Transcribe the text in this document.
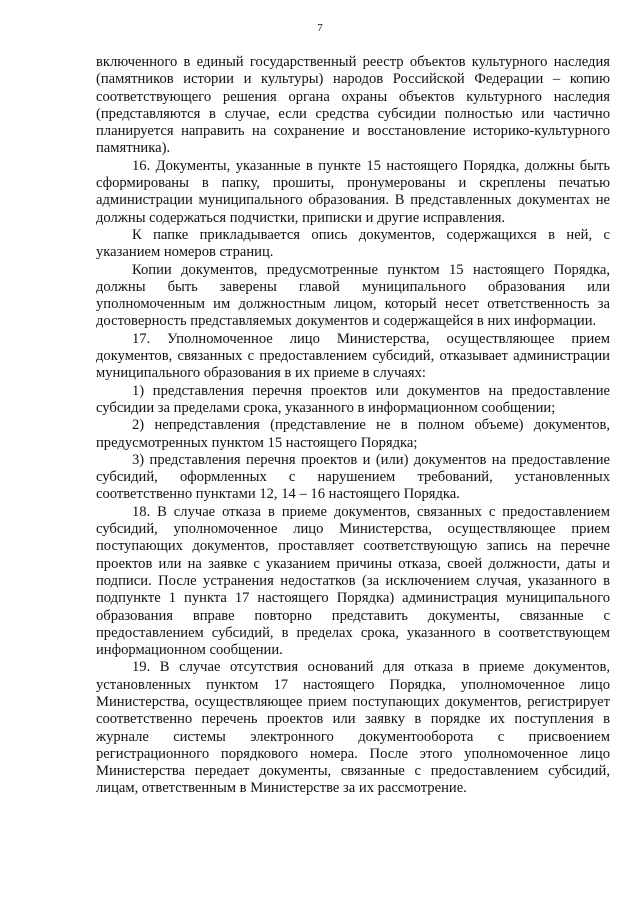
7

включенного в единый государственный реестр объектов культурного наследия (памятников истории и культуры) народов Российской Федерации – копию соответствующего решения органа охраны объектов культурного наследия (представляются в случае, если средства субсидии полностью или частично планируется направить на сохранение и восстановление историко-культурного памятника).

16. Документы, указанные в пункте 15 настоящего Порядка, должны быть сформированы в папку, прошиты, пронумерованы и скреплены печатью администрации муниципального образования. В представленных документах не должны содержаться подчистки, приписки и другие исправления.

К папке прикладывается опись документов, содержащихся в ней, с указанием номеров страниц.

Копии документов, предусмотренные пунктом 15 настоящего Порядка, должны быть заверены главой муниципального образования или уполномоченным им должностным лицом, который несет ответственность за достоверность представляемых документов и содержащейся в них информации.

17. Уполномоченное лицо Министерства, осуществляющее прием документов, связанных с предоставлением субсидий, отказывает администрации муниципального образования в их приеме в случаях:

1) представления перечня проектов или документов на предоставление субсидии за пределами срока, указанного в информационном сообщении;

2) непредставления (представление не в полном объеме) документов, предусмотренных пунктом 15 настоящего Порядка;

3) представления перечня проектов и (или) документов на предоставление субсидий, оформленных с нарушением требований, установленных соответственно пунктами 12, 14 – 16 настоящего Порядка.

18. В случае отказа в приеме документов, связанных с предоставлением субсидий, уполномоченное лицо Министерства, осуществляющее прием поступающих документов, проставляет соответствующую запись на перечне проектов или на заявке с указанием причины отказа, своей должности, даты и подписи. После устранения недостатков (за исключением случая, указанного в подпункте 1 пункта 17 настоящего Порядка) администрация муниципального образования вправе повторно представить документы, связанные с предоставлением субсидий, в пределах срока, указанного в соответствующем информационном сообщении.

19. В случае отсутствия оснований для отказа в приеме документов, установленных пунктом 17 настоящего Порядка, уполномоченное лицо Министерства, осуществляющее прием поступающих документов, регистрирует соответственно перечень проектов или заявку в порядке их поступления в журнале системы электронного документооборота с присвоением регистрационного порядкового номера. После этого уполномоченное лицо Министерства передает документы, связанные с предоставлением субсидий, лицам, ответственным в Министерстве за их рассмотрение.
